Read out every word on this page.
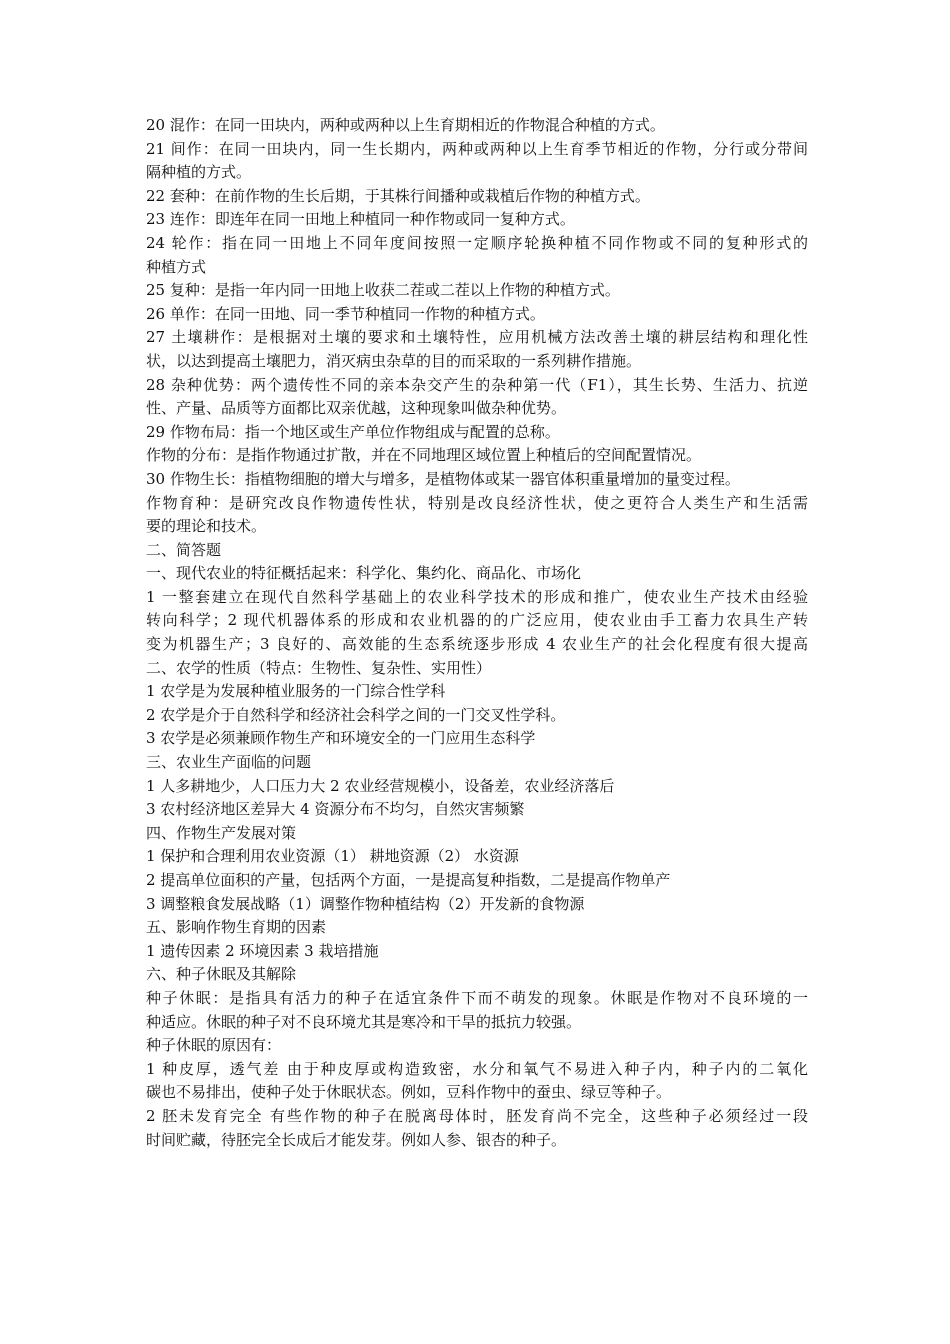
20 混作：在同一田块内，两种或两种以上生育期相近的作物混合种植的方式。

21 间作：在同一田块内，同一生长期内，两种或两种以上生育季节相近的作物，分行或分带间

隔种植的方式。

22 套种：在前作物的生长后期，于其株行间播种或栽植后作物的种植方式。

23 连作：即连年在同一田地上种植同一种作物或同一复种方式。

24 轮作：指在同一田地上不同年度间按照一定顺序轮换种植不同作物或不同的复种形式的

种植方式

25 复种：是指一年内同一田地上收获二茬或二茬以上作物的种植方式。

26 单作：在同一田地、同一季节种植同一作物的种植方式。

27 土壤耕作：是根据对土壤的要求和土壤特性，应用机械方法改善土壤的耕层结构和理化性

状，以达到提高土壤肥力，消灭病虫杂草的目的而采取的一系列耕作措施。

28 杂种优势：两个遗传性不同的亲本杂交产生的杂种第一代（F1），其生长势、生活力、抗逆

性、产量、品质等方面都比双亲优越，这种现象叫做杂种优势。

29 作物布局：指一个地区或生产单位作物组成与配置的总称。

作物的分布：是指作物通过扩散，并在不同地理区域位置上种植后的空间配置情况。

30 作物生长：指植物细胞的增大与增多，是植物体或某一器官体积重量增加的量变过程。

作物育种：是研究改良作物遗传性状，特别是改良经济性状，使之更符合人类生产和生活需

要的理论和技术。

二、简答题

一、现代农业的特征概括起来：科学化、集约化、商品化、市场化

1 一整套建立在现代自然科学基础上的农业科学技术的形成和推广，使农业生产技术由经验

转向科学；2 现代机器体系的形成和农业机器的的广泛应用，使农业由手工畜力农具生产转

变为机器生产；3 良好的、高效能的生态系统逐步形成 4 农业生产的社会化程度有很大提高

二、农学的性质（特点：生物性、复杂性、实用性）

1 农学是为发展种植业服务的一门综合性学科

2 农学是介于自然科学和经济社会科学之间的一门交叉性学科。

3 农学是必须兼顾作物生产和环境安全的一门应用生态科学

三、农业生产面临的问题

1 人多耕地少，人口压力大 2 农业经营规模小，设备差，农业经济落后

3 农村经济地区差异大 4 资源分布不均匀，自然灾害频繁

四、作物生产发展对策

1 保护和合理利用农业资源（1） 耕地资源（2） 水资源

2 提高单位面积的产量，包括两个方面，一是提高复种指数，二是提高作物单产

3 调整粮食发展战略（1）调整作物种植结构（2）开发新的食物源

五、影响作物生育期的因素

1 遗传因素 2 环境因素 3 栽培措施

六、种子休眠及其解除

种子休眠：是指具有活力的种子在适宜条件下而不萌发的现象。休眠是作物对不良环境的一

种适应。休眠的种子对不良环境尤其是寒冷和干旱的抵抗力较强。

种子休眠的原因有：

1 种皮厚，透气差 由于种皮厚或构造致密，水分和氧气不易进入种子内，种子内的二氧化

碳也不易排出，使种子处于休眠状态。例如，豆科作物中的蚕虫、绿豆等种子。

2 胚未发育完全 有些作物的种子在脱离母体时，胚发育尚不完全，这些种子必须经过一段

时间贮藏，待胚完全长成后才能发芽。例如人参、银杏的种子。
